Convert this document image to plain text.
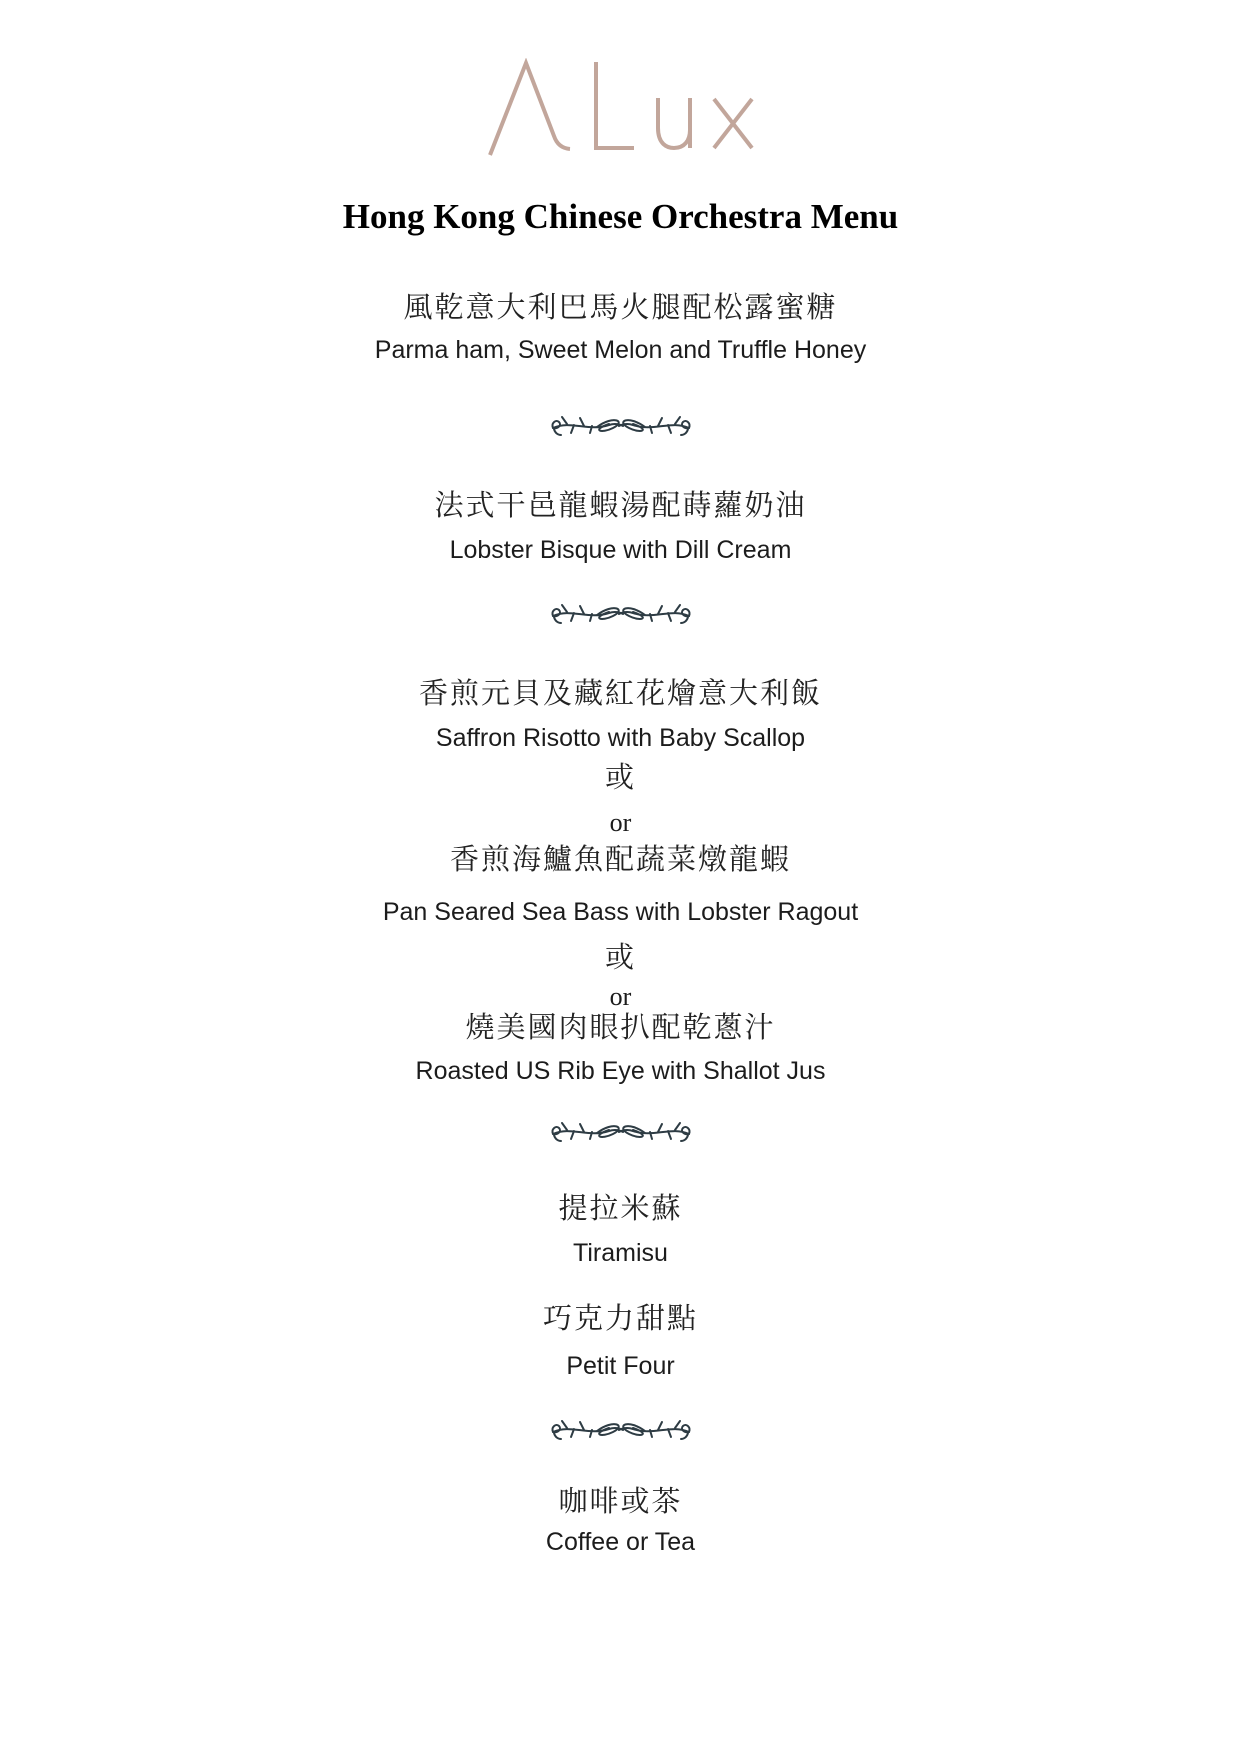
Hong Kong Chinese Orchestra Menu
風乾意大利巴馬火腿配松露蜜糖
Parma ham, Sweet Melon and Truffle Honey
法式干邑龍蝦湯配蒔蘿奶油
Lobster Bisque with Dill Cream
香煎元貝及藏紅花燴意大利飯
Saffron Risotto with Baby Scallop
或
or
香煎海鱸魚配蔬菜燉龍蝦
Pan Seared Sea Bass with Lobster Ragout
或
or
燒美國肉眼扒配乾蔥汁
Roasted US Rib Eye with Shallot Jus
提拉米蘇
Tiramisu
巧克力甜點
Petit Four
咖啡或茶
Coffee or Tea
